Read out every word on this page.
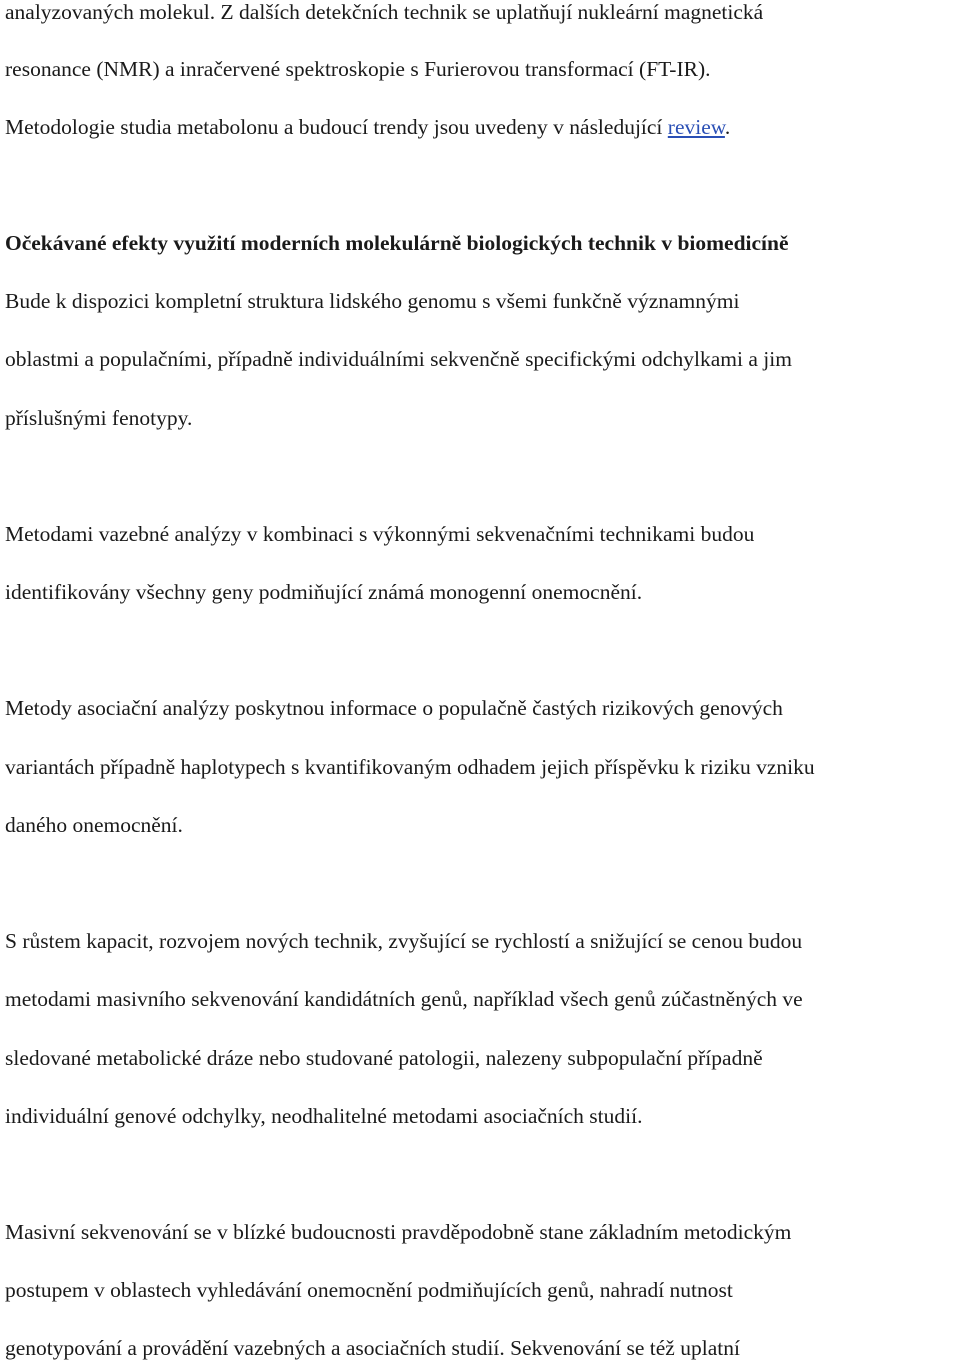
analyzovaných molekul. Z dalších detekčních technik se uplatňují nukleární magnetická
resonance (NMR) a inračervené spektroskopie s Furierovou transformací (FT-IR).
Metodologie studia metabolonu a budoucí trendy jsou uvedeny v následující review.
Očekávané efekty využití moderních molekulárně biologických technik v biomedicíně
Bude k dispozici kompletní struktura lidského genomu s všemi funkčně významnými
oblastmi a populačními, případně individuálními sekvenčně specifickými odchylkami a jim
příslušnými fenotypy.
Metodami vazebné analýzy v kombinaci s výkonnými sekvenačními technikami budou
identifikovány všechny geny podmiňující známá monogenní onemocnění.
Metody asociační analýzy poskytnou informace o populačně častých rizikových genových
variantách případně haplotypech s kvantifikovaným odhadem jejich příspěvku k riziku vzniku
daného onemocnění.
S růstem kapacit, rozvojem nových technik, zvyšující se rychlostí a snižující se cenou budou
metodami masivního sekvenování kandidátních genů, například všech genů zúčastněných ve
sledované metabolické dráze nebo studované patologii, nalezeny subpopulační případně
individuální genové odchylky, neodhalitelné metodami asociačních studií.
Masivní sekvenování se v blízké budoucnosti pravděpodobně stane základním metodickým
postupem v oblastech vyhledávání onemocnění podmiňujících genů, nahradí nutnost
genotypování a provádění vazebných a asociačních studií. Sekvenování se též uplatní
